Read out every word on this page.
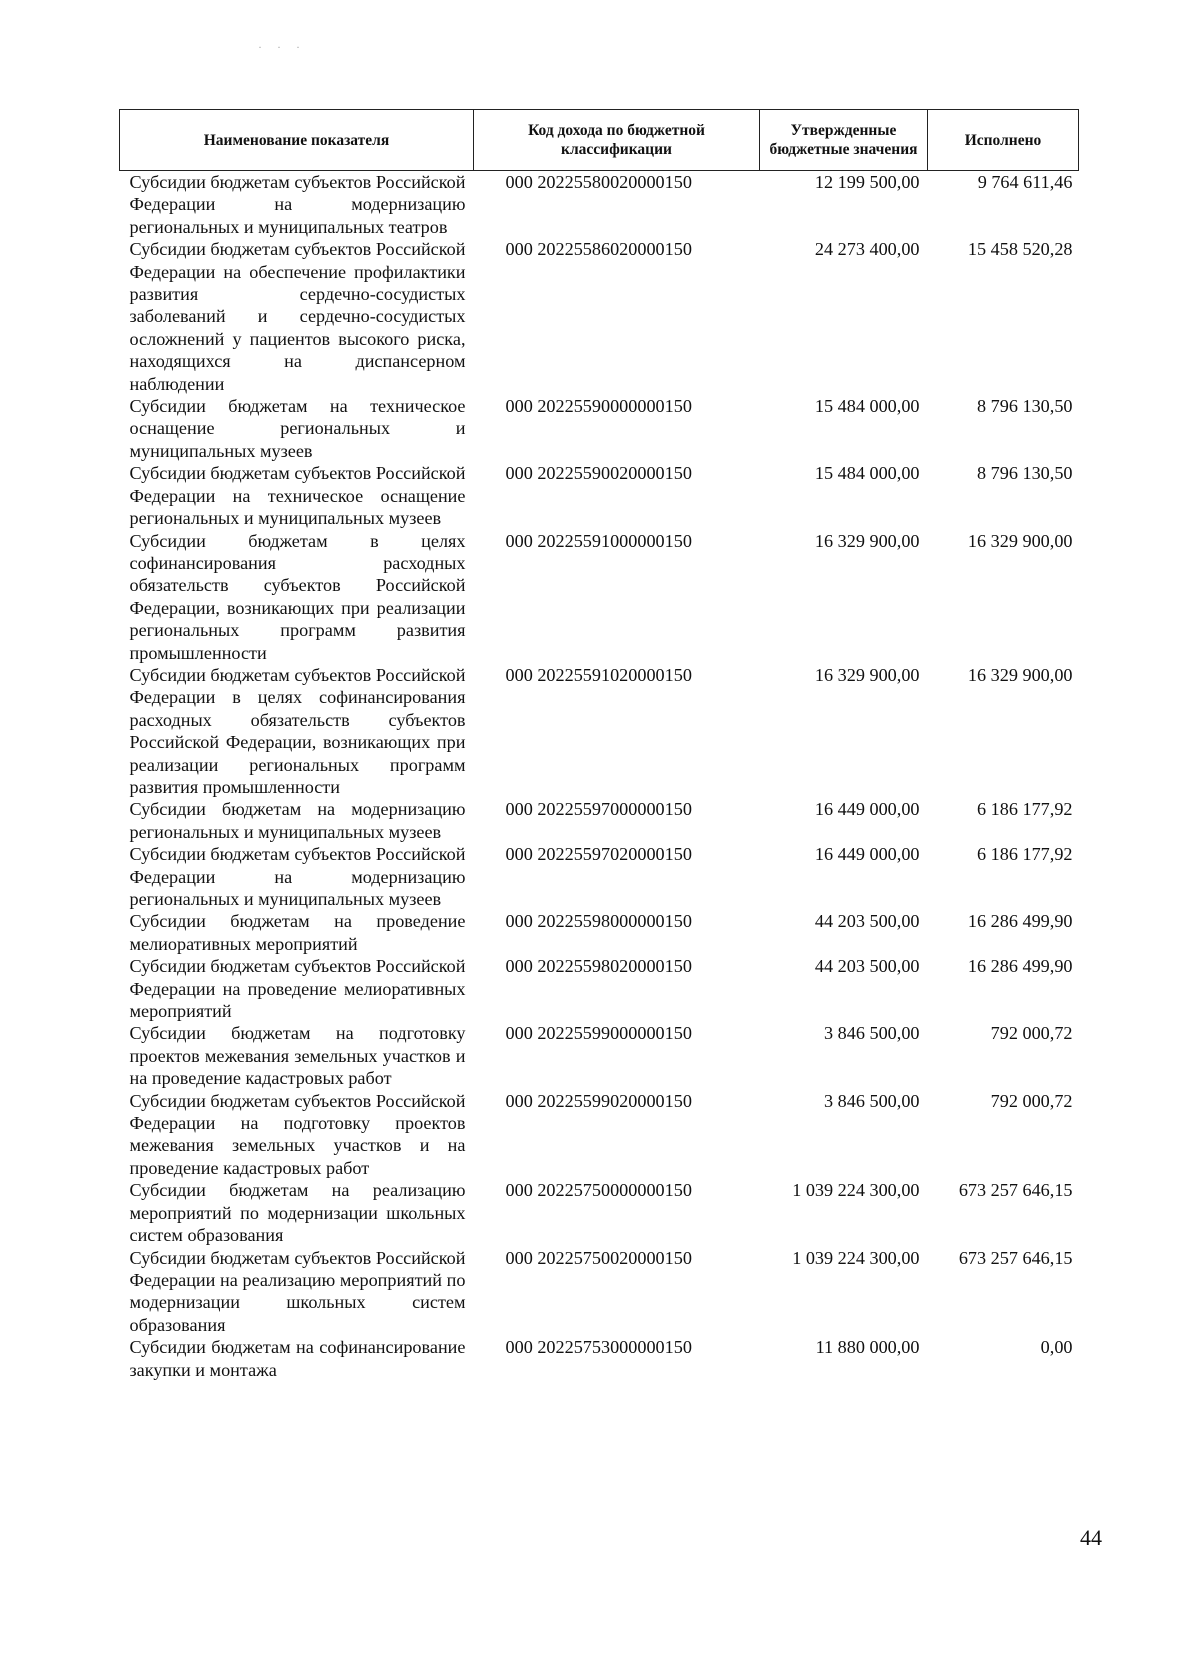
· · ·
Наименование показателя	Код дохода по бюджетной классификации	Утвержденные бюджетные значения	Исполнено
Субсидии бюджетам субъектов Российской Федерации на модернизацию региональных и муниципальных театров	000 20225580020000150	12 199 500,00	9 764 611,46
Субсидии бюджетам субъектов Российской Федерации на обеспечение профилактики развития сердечно-сосудистых заболеваний и сердечно-сосудистых осложнений у пациентов высокого риска, находящихся на диспансерном наблюдении	000 20225586020000150	24 273 400,00	15 458 520,28
Субсидии бюджетам на техническое оснащение региональных и муниципальных музеев	000 20225590000000150	15 484 000,00	8 796 130,50
Субсидии бюджетам субъектов Российской Федерации на техническое оснащение региональных и муниципальных музеев	000 20225590020000150	15 484 000,00	8 796 130,50
Субсидии бюджетам в целях софинансирования расходных обязательств субъектов Российской Федерации, возникающих при реализации региональных программ развития промышленности	000 20225591000000150	16 329 900,00	16 329 900,00
Субсидии бюджетам субъектов Российской Федерации в целях софинансирования расходных обязательств субъектов Российской Федерации, возникающих при реализации региональных программ развития промышленности	000 20225591020000150	16 329 900,00	16 329 900,00
Субсидии бюджетам на модернизацию региональных и муниципальных музеев	000 20225597000000150	16 449 000,00	6 186 177,92
Субсидии бюджетам субъектов Российской Федерации на модернизацию региональных и муниципальных музеев	000 20225597020000150	16 449 000,00	6 186 177,92
Субсидии бюджетам на проведение мелиоративных мероприятий	000 20225598000000150	44 203 500,00	16 286 499,90
Субсидии бюджетам субъектов Российской Федерации на проведение мелиоративных мероприятий	000 20225598020000150	44 203 500,00	16 286 499,90
Субсидии бюджетам на подготовку проектов межевания земельных участков и на проведение кадастровых работ	000 20225599000000150	3 846 500,00	792 000,72
Субсидии бюджетам субъектов Российской Федерации на подготовку проектов межевания земельных участков и на проведение кадастровых работ	000 20225599020000150	3 846 500,00	792 000,72
Субсидии бюджетам на реализацию мероприятий по модернизации школьных систем образования	000 20225750000000150	1 039 224 300,00	673 257 646,15
Субсидии бюджетам субъектов Российской Федерации на реализацию мероприятий по модернизации школьных систем образования	000 20225750020000150	1 039 224 300,00	673 257 646,15
Субсидии бюджетам на софинансирование закупки и монтажа	000 20225753000000150	11 880 000,00	0,00
44
